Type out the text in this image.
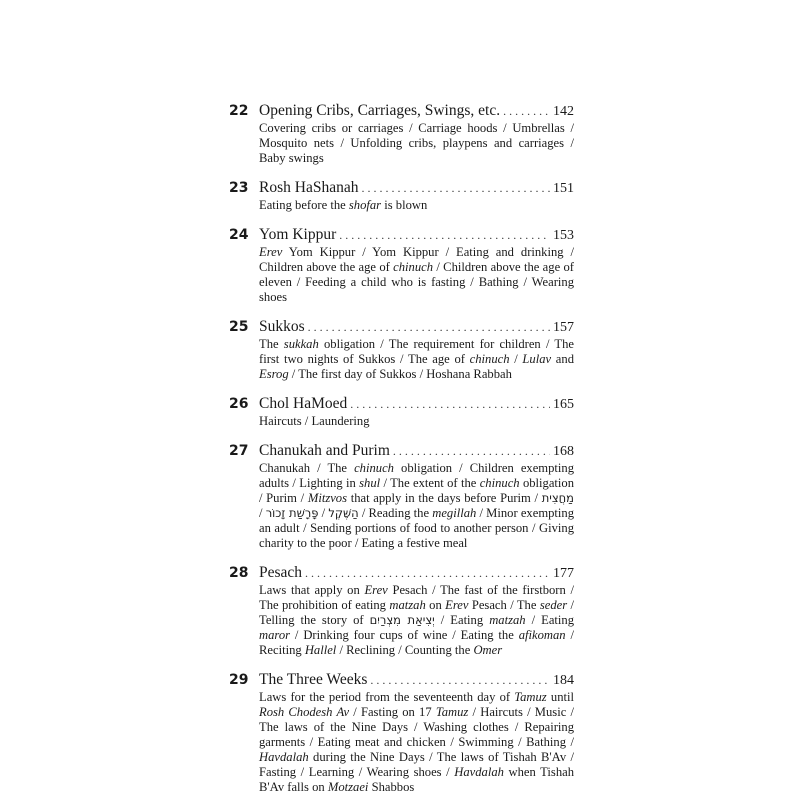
22 Opening Cribs, Carriages, Swings, etc. . . .	142
Covering cribs or carriages / Carriage hoods / Umbrellas / Mosquito nets / Unfolding cribs, playpens and carriages / Baby swings
23 Rosh HaShanah . . .	151
Eating before the shofar is blown
24 Yom Kippur . . .	153
Erev Yom Kippur / Yom Kippur / Eating and drinking / Children above the age of chinuch / Children above the age of eleven / Feeding a child who is fasting / Bathing / Wearing shoes
25 Sukkos . . .	157
The sukkah obligation / The requirement for children / The first two nights of Sukkos / The age of chinuch / Lulav and Esrog / The first day of Sukkos / Hoshana Rabbah
26 Chol HaMoed . . .	165
Haircuts / Laundering
27 Chanukah and Purim . . .	168
Chanukah / The chinuch obligation / Children exempting adults / Lighting in shul / The extent of the chinuch obligation / Purim / Mitzvos that apply in the days before Purim / מַחֲצִית / פָּרָשַׁת זָכוֹר / הַשֶּׁקֶל / Reading the megillah / Minor exempting an adult / Sending portions of food to another person / Giving charity to the poor / Eating a festive meal
28 Pesach . . .	177
Laws that apply on Erev Pesach / The fast of the firstborn / The prohibition of eating matzah on Erev Pesach / The seder / Telling the story of יְצִיאַת מִצְרַיִם / Eating matzah / Eating maror / Drinking four cups of wine / Eating the afikoman / Reciting Hallel / Reclining / Counting the Omer
29 The Three Weeks . . .	184
Laws for the period from the seventeenth day of Tamuz until Rosh Chodesh Av / Fasting on 17 Tamuz / Haircuts / Music / The laws of the Nine Days / Washing clothes / Repairing garments / Eating meat and chicken / Swimming / Bathing / Havdalah during the Nine Days / The laws of Tishah B'Av / Fasting / Learning / Wearing shoes / Havdalah when Tishah B'Av falls on Motzaei Shabbos
